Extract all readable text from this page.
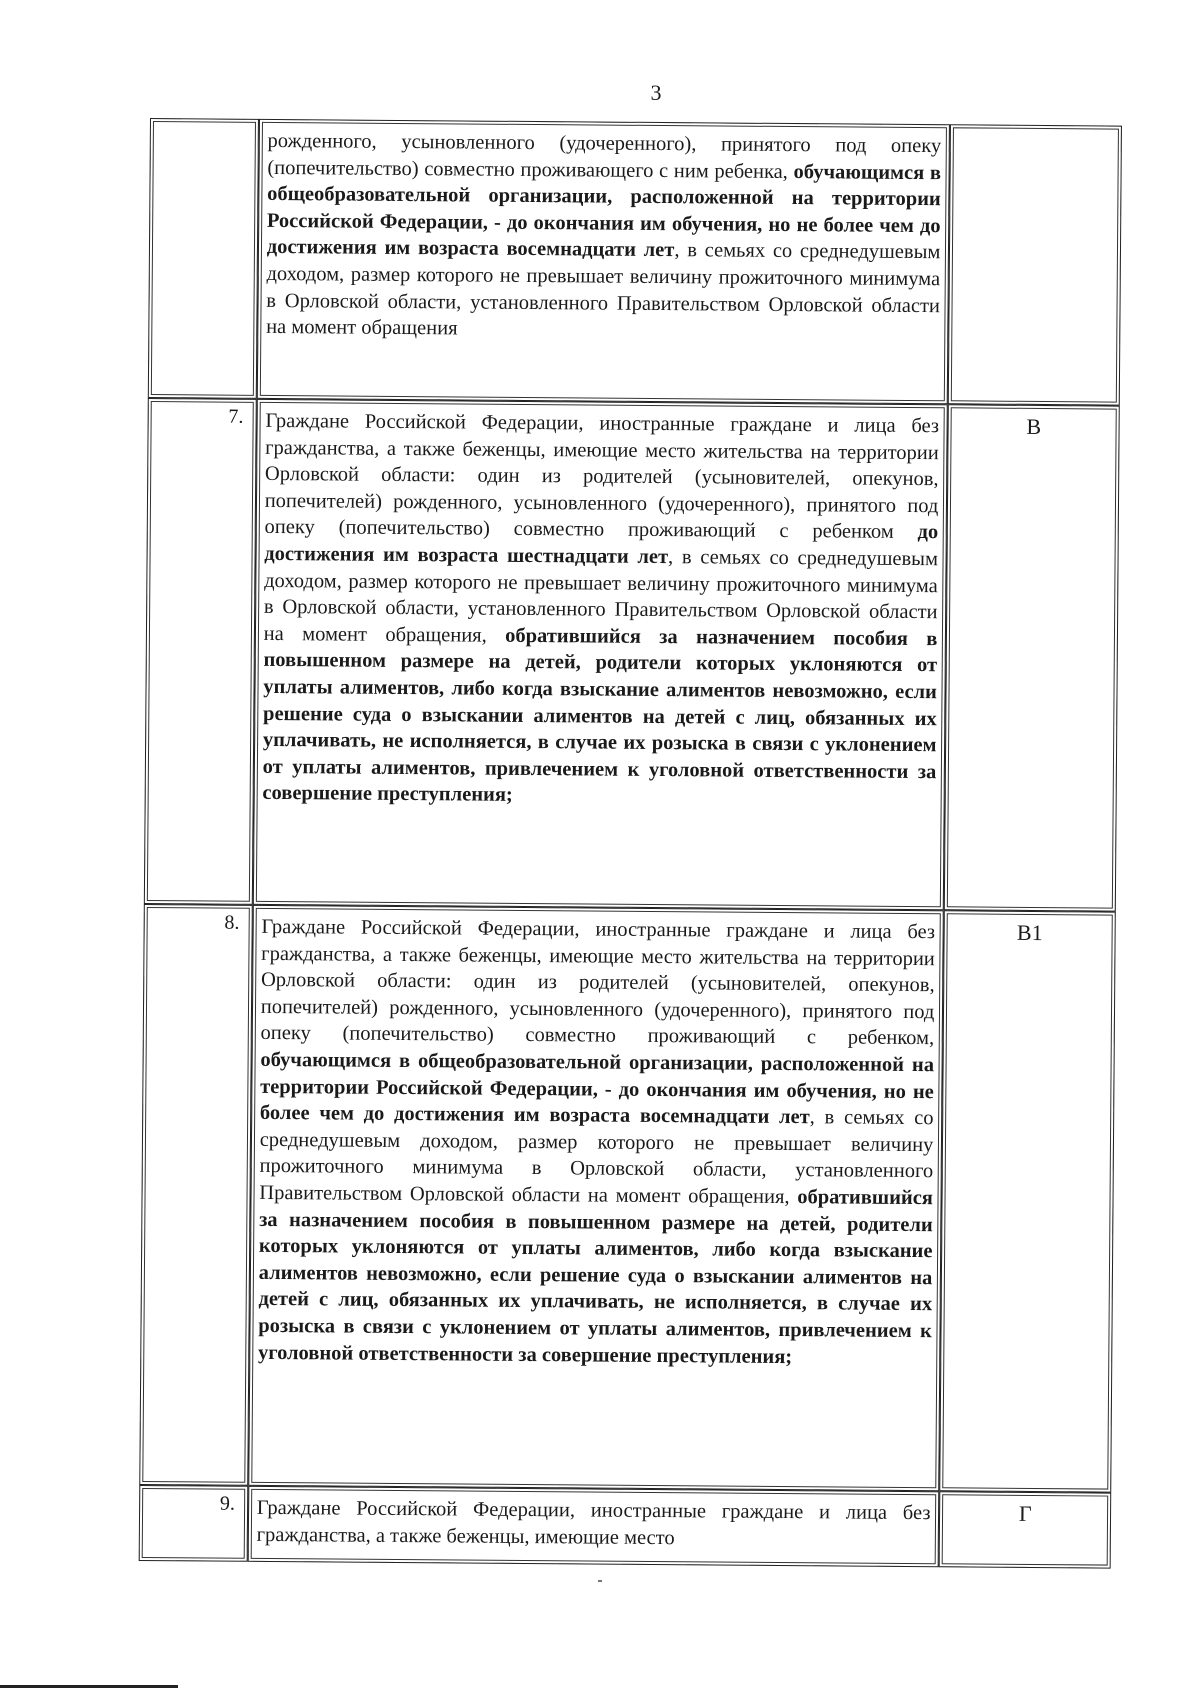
3
	рожденного, усыновленного (удочеренного), принятого под опеку (попечительство) совместно проживающего с ним ребенка, обучающимся в общеобразовательной организации, расположенной на территории Российской Федерации, - до окончания им обучения, но не более чем до достижения им возраста восемнадцати лет, в семьях со среднедушевым доходом, размер которого не превышает величину прожиточного минимума в Орловской области, установленного Правительством Орловской области на момент обращения	
7.	Граждане Российской Федерации, иностранные граждане и лица без гражданства, а также беженцы, имеющие место жительства на территории Орловской области: один из родителей (усыновителей, опекунов, попечителей) рожденного, усыновленного (удочеренного), принятого под опеку (попечительство) совместно проживающий с ребенком до достижения им возраста шестнадцати лет, в семьях со среднедушевым доходом, размер которого не превышает величину прожиточного минимума в Орловской области, установленного Правительством Орловской области на момент обращения, обратившийся за назначением пособия в повышенном размере на детей, родители которых уклоняются от уплаты алиментов, либо когда взыскание алиментов невозможно, если решение суда о взыскании алиментов на детей с лиц, обязанных их уплачивать, не исполняется, в случае их розыска в связи с уклонением от уплаты алиментов, привлечением к уголовной ответственности за совершение преступления;	В
8.	Граждане Российской Федерации, иностранные граждане и лица без гражданства, а также беженцы, имеющие место жительства на территории Орловской области: один из родителей (усыновителей, опекунов, попечителей) рожденного, усыновленного (удочеренного), принятого под опеку (попечительство) совместно проживающий с ребенком, обучающимся в общеобразовательной организации, расположенной на территории Российской Федерации, - до окончания им обучения, но не более чем до достижения им возраста восемнадцати лет, в семьях со среднедушевым доходом, размер которого не превышает величину прожиточного минимума в Орловской области, установленного Правительством Орловской области на момент обращения, обратившийся за назначением пособия в повышенном размере на детей, родители которых уклоняются от уплаты алиментов, либо когда взыскание алиментов невозможно, если решение суда о взыскании алиментов на детей с лиц, обязанных их уплачивать, не исполняется, в случае их розыска в связи с уклонением от уплаты алиментов, привлечением к уголовной ответственности за совершение преступления;	В1
9.	Граждане Российской Федерации, иностранные граждане и лица без гражданства, а также беженцы, имеющие место	Г
